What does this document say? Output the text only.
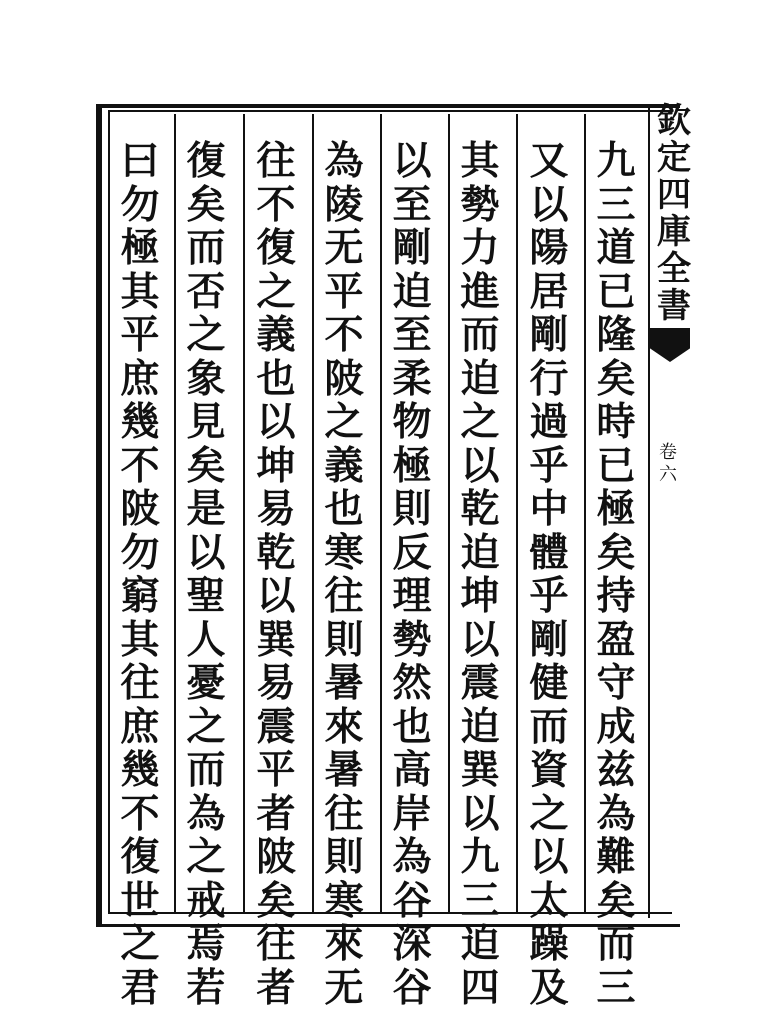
九
三
道
已
隆
矣
時
已
極
矣
持
盈
守
成
兹
為
難
矣
而
三
又
以
陽
居
剛
行
過
乎
中
體
乎
剛
健
而
資
之
以
太
躁
及
其
勢
力
進
而
迫
之
以
乾
迫
坤
以
震
迫
巽
以
九
三
迫
四
以
至
剛
迫
至
柔
物
極
則
反
理
勢
然
也
高
岸
為
谷
深
谷
為
陵
无
平
不
陂
之
義
也
寒
往
則
暑
來
暑
往
則
寒
來
无
往
不
復
之
義
也
以
坤
易
乾
以
巽
易
震
平
者
陂
矣
往
者
復
矣
而
否
之
象
見
矣
是
以
聖
人
憂
之
而
為
之
戒
焉
若
曰
勿
極
其
平
庶
幾
不
陂
勿
窮
其
往
庶
幾
不
復
世
之
君
欽
定
四
庫
全
書
卷
六
